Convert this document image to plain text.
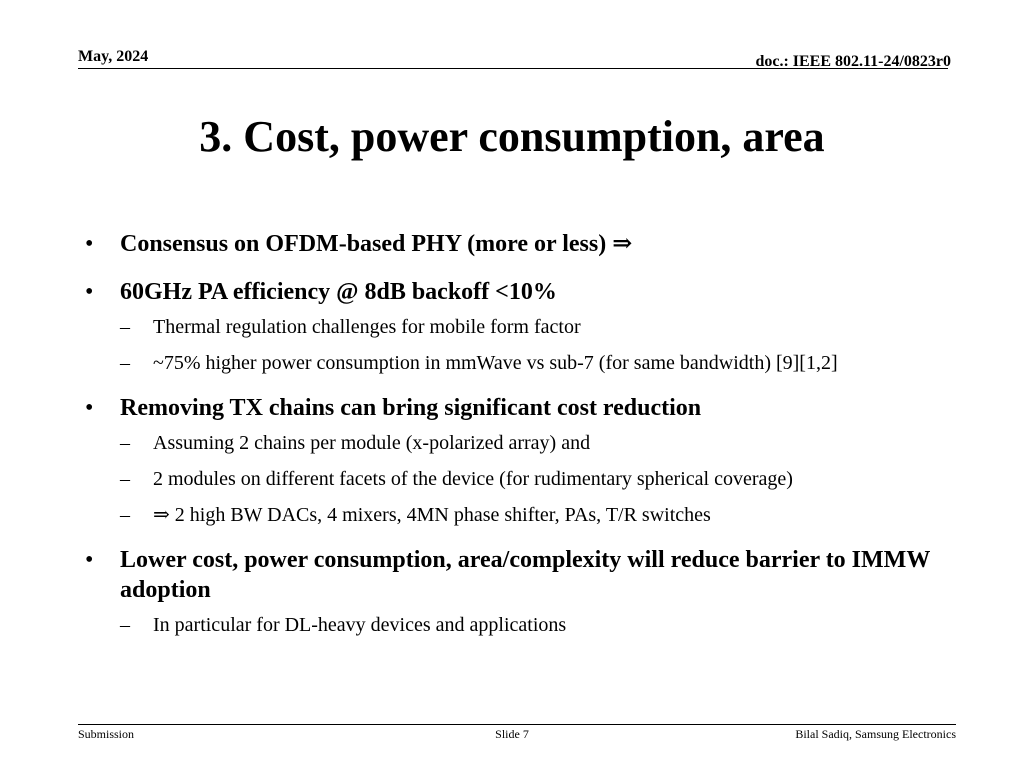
May, 2024	doc.: IEEE 802.11-24/0823r0
3. Cost, power consumption, area
• Consensus on OFDM-based PHY (more or less) ⇒
• 60GHz PA efficiency @ 8dB backoff <10%
– Thermal regulation challenges for mobile form factor
– ~75% higher power consumption in mmWave vs sub-7 (for same bandwidth) [9][1,2]
• Removing TX chains can bring significant cost reduction
– Assuming 2 chains per module (x-polarized array) and
– 2 modules on different facets of the device (for rudimentary spherical coverage)
– ⇒ 2 high BW DACs, 4 mixers, 4MN phase shifter, PAs, T/R switches
• Lower cost, power consumption, area/complexity will reduce barrier to IMMW adoption
– In particular for DL-heavy devices and applications
Submission	Slide 7	Bilal Sadiq, Samsung Electronics
